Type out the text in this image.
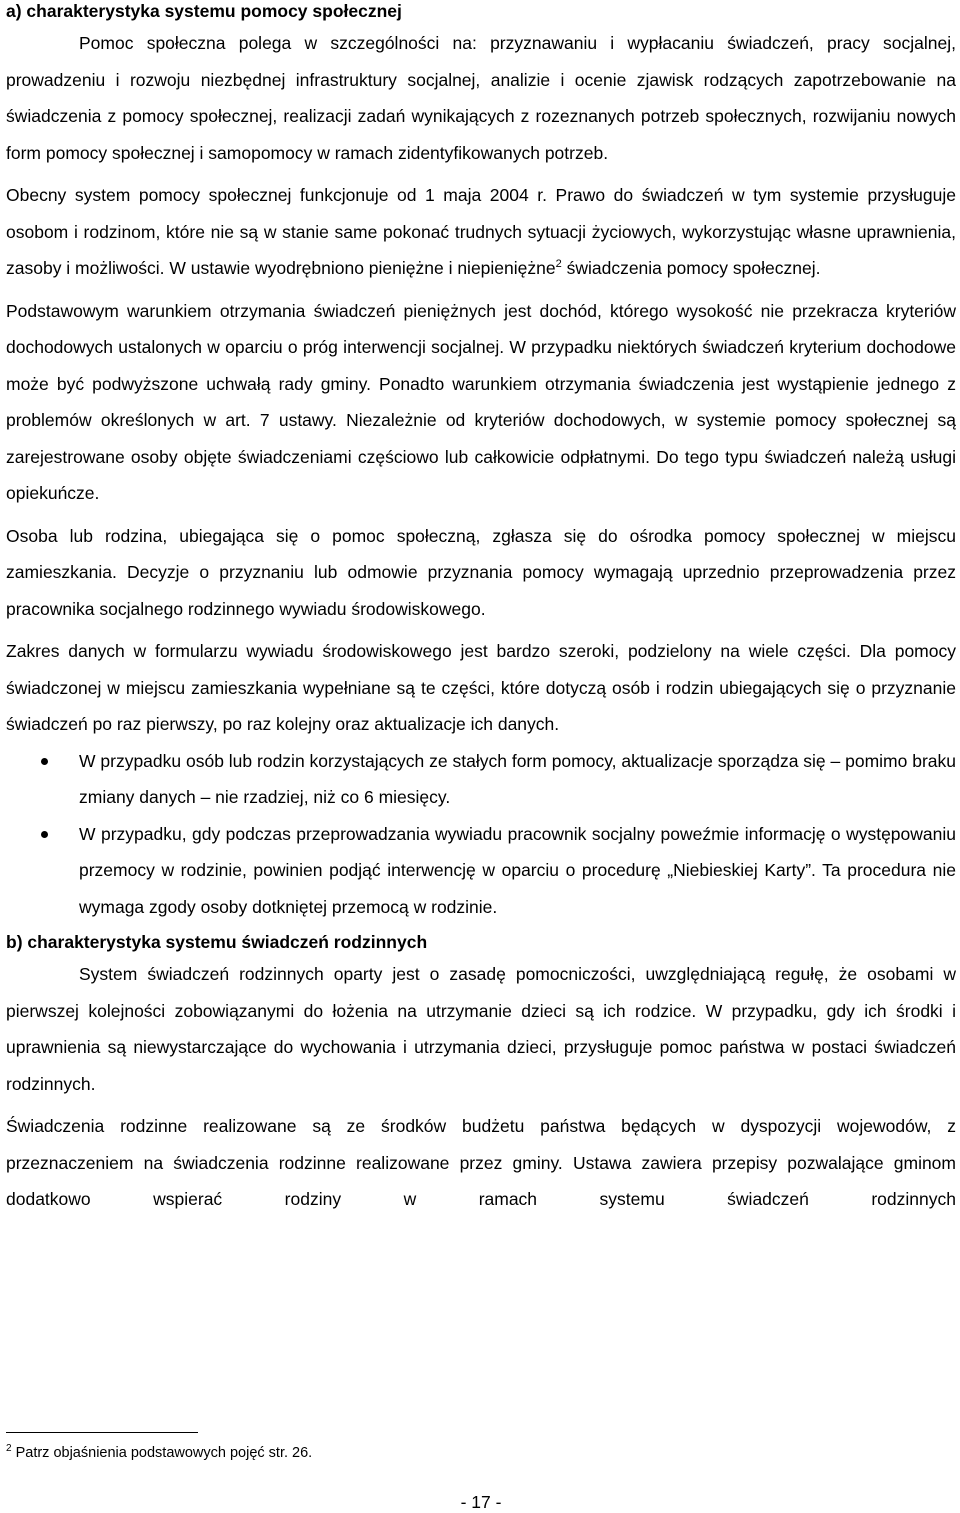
a) charakterystyka systemu pomocy społecznej

Pomoc społeczna polega w szczególności na: przyznawaniu i wypłacaniu świadczeń, pracy socjalnej, prowadzeniu i rozwoju niezbędnej infrastruktury socjalnej, analizie i ocenie zjawisk rodzących zapotrzebowanie na świadczenia z pomocy społecznej, realizacji zadań wynikających z rozeznanych potrzeb społecznych, rozwijaniu nowych form pomocy społecznej i samopomocy w ramach zidentyfikowanych potrzeb.

Obecny system pomocy społecznej funkcjonuje od 1 maja 2004 r. Prawo do świadczeń w tym systemie przysługuje osobom i rodzinom, które nie są w stanie same pokonać trudnych sytuacji życiowych, wykorzystując własne uprawnienia, zasoby i możliwości. W ustawie wyodrębniono pieniężne i niepieniężne$^2$ świadczenia pomocy społecznej.

Podstawowym warunkiem otrzymania świadczeń pieniężnych jest dochód, którego wysokość nie przekracza kryteriów dochodowych ustalonych w oparciu o próg interwencji socjalnej. W przypadku niektórych świadczeń kryterium dochodowe może być podwyższone uchwałą rady gminy. Ponadto warunkiem otrzymania świadczenia jest wystąpienie jednego z problemów określonych w art. 7 ustawy. Niezależnie od kryteriów dochodowych, w systemie pomocy społecznej są zarejestrowane osoby objęte świadczeniami częściowo lub całkowicie odpłatnymi. Do tego typu świadczeń należą usługi opiekuńcze.

Osoba lub rodzina, ubiegająca się o pomoc społeczną, zgłasza się do ośrodka pomocy społecznej w miejscu zamieszkania. Decyzje o przyznaniu lub odmowie przyznania pomocy wymagają uprzednio przeprowadzenia przez pracownika socjalnego rodzinnego wywiadu środowiskowego.

Zakres danych w formularzu wywiadu środowiskowego jest bardzo szeroki, podzielony na wiele części. Dla pomocy świadczonej w miejscu zamieszkania wypełniane są te części, które dotyczą osób i rodzin ubiegających się o przyznanie świadczeń po raz pierwszy, po raz kolejny oraz aktualizacje ich danych.

W przypadku osób lub rodzin korzystających ze stałych form pomocy, aktualizacje sporządza się – pomimo braku zmiany danych – nie rzadziej, niż co 6 miesięcy.
W przypadku, gdy podczas przeprowadzania wywiadu pracownik socjalny poweźmie informację o występowaniu przemocy w rodzinie, powinien podjąć interwencję w oparciu o procedurę „Niebieskiej Karty”. Ta procedura nie wymaga zgody osoby dotkniętej przemocą w rodzinie.
b) charakterystyka systemu świadczeń rodzinnych

System świadczeń rodzinnych oparty jest o zasadę pomocniczości, uwzględniającą regułę, że osobami w pierwszej kolejności zobowiązanymi do łożenia na utrzymanie dzieci są ich rodzice. W przypadku, gdy ich środki i uprawnienia są niewystarczające do wychowania i utrzymania dzieci, przysługuje pomoc państwa w postaci świadczeń rodzinnych.

Świadczenia rodzinne realizowane są ze środków budżetu państwa będących w dyspozycji wojewodów, z przeznaczeniem na świadczenia rodzinne realizowane przez gminy. Ustawa zawiera przepisy pozwalające gminom dodatkowo wspierać rodziny w ramach systemu świadczeń rodzinnych

$^2$ Patrz objaśnienia podstawowych pojęć str. 26.
- 17 -
